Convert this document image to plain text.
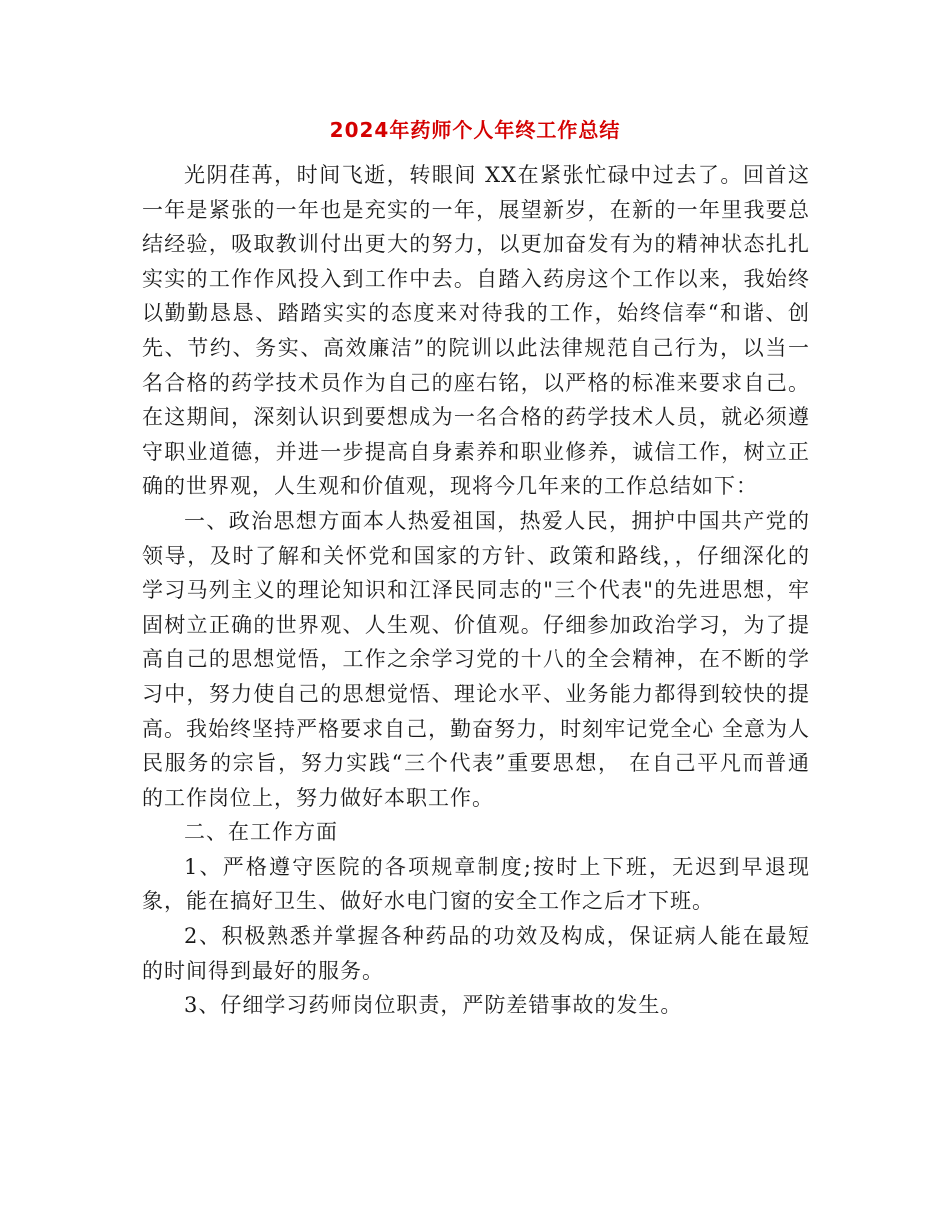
2024年药师个人年终工作总结

光阴荏苒，时间飞逝，转眼间 XX在紧张忙碌中过去了。回首这一年是紧张的一年也是充实的一年，展望新岁，在新的一年里我要总结经验，吸取教训付出更大的努力，以更加奋发有为的精神状态扎扎实实的工作作风投入到工作中去。自踏入药房这个工作以来，我始终以勤勤恳恳、踏踏实实的态度来对待我的工作，始终信奉“和谐、创先、节约、务实、高效廉洁”的院训以此法律规范自己行为，以当一名合格的药学技术员作为自己的座右铭，以严格的标准来要求自己。在这期间，深刻认识到要想成为一名合格的药学技术人员，就必须遵守职业道德，并进一步提高自身素养和职业修养，诚信工作，树立正确的世界观，人生观和价值观，现将今几年来的工作总结如下：

一、政治思想方面本人热爱祖国，热爱人民，拥护中国共产党的领导，及时了解和关怀党和国家的方针、政策和路线，，仔细深化的学习马列主义的理论知识和江泽民同志的"三个代表"的先进思想，牢固树立正确的世界观、人生观、价值观。仔细参加政治学习，为了提高自己的思想觉悟，工作之余学习党的十八的全会精神，在不断的学习中，努力使自己的思想觉悟、理论水平、业务能力都得到较快的提高。我始终坚持严格要求自己，勤奋努力，时刻牢记党全心 全意为人民服务的宗旨，努力实践“三个代表”重要思想， 在自己平凡而普通的工作岗位上，努力做好本职工作。

二、在工作方面

1、严格遵守医院的各项规章制度;按时上下班，无迟到早退现象，能在搞好卫生、做好水电门窗的安全工作之后才下班。

2、积极熟悉并掌握各种药品的功效及构成，保证病人能在最短的时间得到最好的服务。

3、仔细学习药师岗位职责，严防差错事故的发生。
